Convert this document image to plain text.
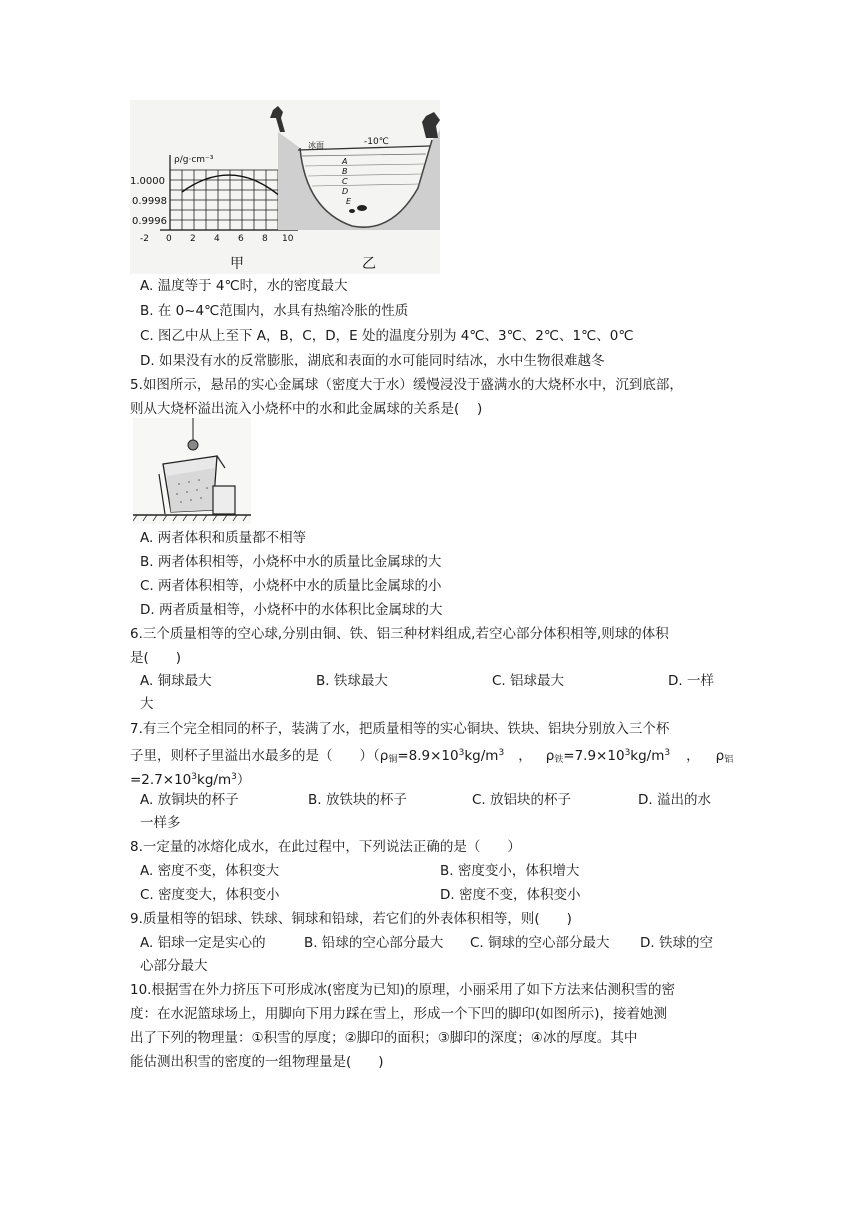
ρ/g·cm⁻³
1.0000
0.9998
0.9996
-2 0 2 4 6 8 10
甲
冰面	-10℃
A
B
C
D
E
乙
A. 温度等于 4℃时，水的密度最大
B. 在 0~4℃范围内，水具有热缩冷胀的性质
C. 图乙中从上至下 A，B，C，D，E 处的温度分别为 4℃、3℃、2℃、1℃、0℃
D. 如果没有水的反常膨胀，湖底和表面的水可能同时结冰，水中生物很难越冬
5.如图所示，悬吊的实心金属球（密度大于水）缓慢浸没于盛满水的大烧杯水中，沉到底部，
则从大烧杯溢出流入小烧杯中的水和此金属球的关系是(　 )
A. 两者体积和质量都不相等
B. 两者体积相等，小烧杯中水的质量比金属球的大
C. 两者体积相等，小烧杯中水的质量比金属球的小
D. 两者质量相等，小烧杯中的水体积比金属球的大
6.三个质量相等的空心球,分别由铜、铁、铝三种材料组成,若空心部分体积相等,则球的体积
是(　　)
A. 铜球最大	B. 铁球最大	C. 铝球最大	D. 一样
大
7.有三个完全相同的杯子，装满了水，把质量相等的实心铜块、铁块、铝块分别放入三个杯
子里，则杯子里溢出水最多的是（　　）（$\rho_铜=8.9\times 10^3kg/m^3$ ， $\rho_铁=7.9\times 10^3kg/m^3$ ， $\rho_铝$
$=2.7\times 10^3kg/m^3$）
A. 放铜块的杯子	B. 放铁块的杯子	C. 放铝块的杯子	D. 溢出的水
一样多
8.一定量的冰熔化成水，在此过程中，下列说法正确的是（　　）
A. 密度不变，体积变大	B. 密度变小，体积增大
C. 密度变大，体积变小	D. 密度不变，体积变小
9.质量相等的铝球、铁球、铜球和铅球，若它们的外表体积相等，则(　　)
A. 铝球一定是实心的	B. 铅球的空心部分最大 C. 铜球的空心部分最大 D. 铁球的空
心部分最大
10.根据雪在外力挤压下可形成冰(密度为已知)的原理，小丽采用了如下方法来估测积雪的密
度：在水泥篮球场上，用脚向下用力踩在雪上，形成一个下凹的脚印(如图所示)，接着她测
出了下列的物理量：①积雪的厚度；②脚印的面积；③脚印的深度；④冰的厚度。其中
能估测出积雪的密度的一组物理量是(　　)
